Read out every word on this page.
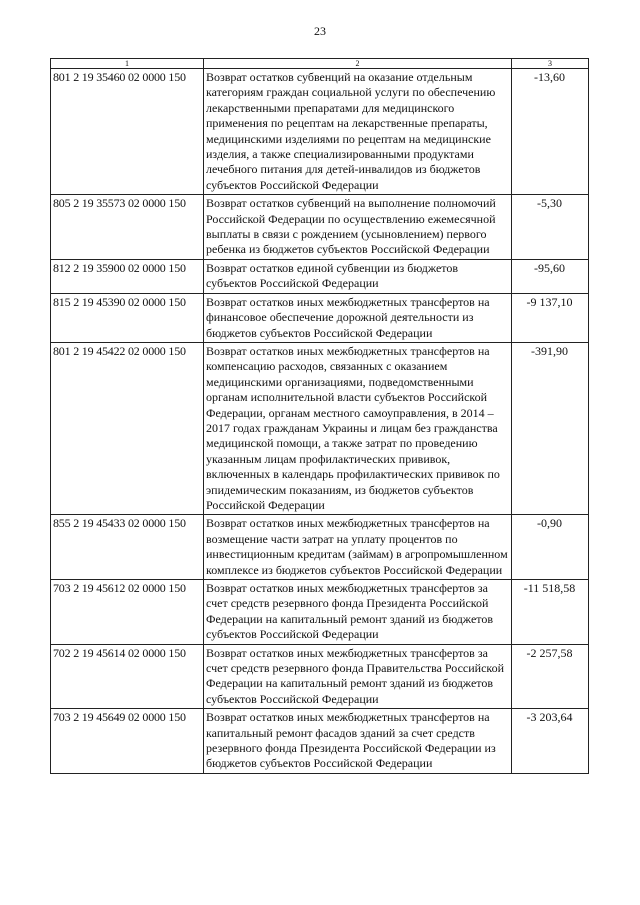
23
1	2	3
801 2 19 35460 02 0000 150	Возврат остатков субвенций на оказание отдельным категориям граждан социальной услуги по обеспечению лекарственными препаратами для медицинского применения по рецептам на лекарственные препараты, медицинскими изделиями по рецептам на медицинские изделия, а также специализированными продуктами лечебного питания для детей-инвалидов из бюджетов субъектов Российской Федерации	-13,60
805 2 19 35573 02 0000 150	Возврат остатков субвенций на выполнение полномочий Российской Федерации по осуществлению ежемесячной выплаты в связи с рождением (усыновлением) первого ребенка из бюджетов субъектов Российской Федерации	-5,30
812 2 19 35900 02 0000 150	Возврат остатков единой субвенции из бюджетов субъектов Российской Федерации	-95,60
815 2 19 45390 02 0000 150	Возврат остатков иных межбюджетных трансфертов на финансовое обеспечение дорожной деятельности из бюджетов субъектов Российской Федерации	-9 137,10
801 2 19 45422 02 0000 150	Возврат остатков иных межбюджетных трансфертов на компенсацию расходов, связанных с оказанием медицинскими организациями, подведомственными органам исполнительной власти субъектов Российской Федерации, органам местного самоуправления, в 2014 – 2017 годах гражданам Украины и лицам без гражданства медицинской помощи, а также затрат по проведению указанным лицам профилактических прививок, включенных в календарь профилактических прививок по эпидемическим показаниям, из бюджетов субъектов Российской Федерации	-391,90
855 2 19 45433 02 0000 150	Возврат остатков иных межбюджетных трансфертов на возмещение части затрат на уплату процентов по инвестиционным кредитам (займам) в агропромышленном комплексе из бюджетов субъектов Российской Федерации	-0,90
703 2 19 45612 02 0000 150	Возврат остатков иных межбюджетных трансфертов за счет средств резервного фонда Президента Российской Федерации на капитальный ремонт зданий из бюджетов субъектов Российской Федерации	-11 518,58
702 2 19 45614 02 0000 150	Возврат остатков иных межбюджетных трансфертов за счет средств резервного фонда Правительства Российской Федерации на капитальный ремонт зданий из бюджетов субъектов Российской Федерации	-2 257,58
703 2 19 45649 02 0000 150	Возврат остатков иных межбюджетных трансфертов на капитальный ремонт фасадов зданий за счет средств резервного фонда Президента Российской Федерации из бюджетов субъектов Российской Федерации	-3 203,64
